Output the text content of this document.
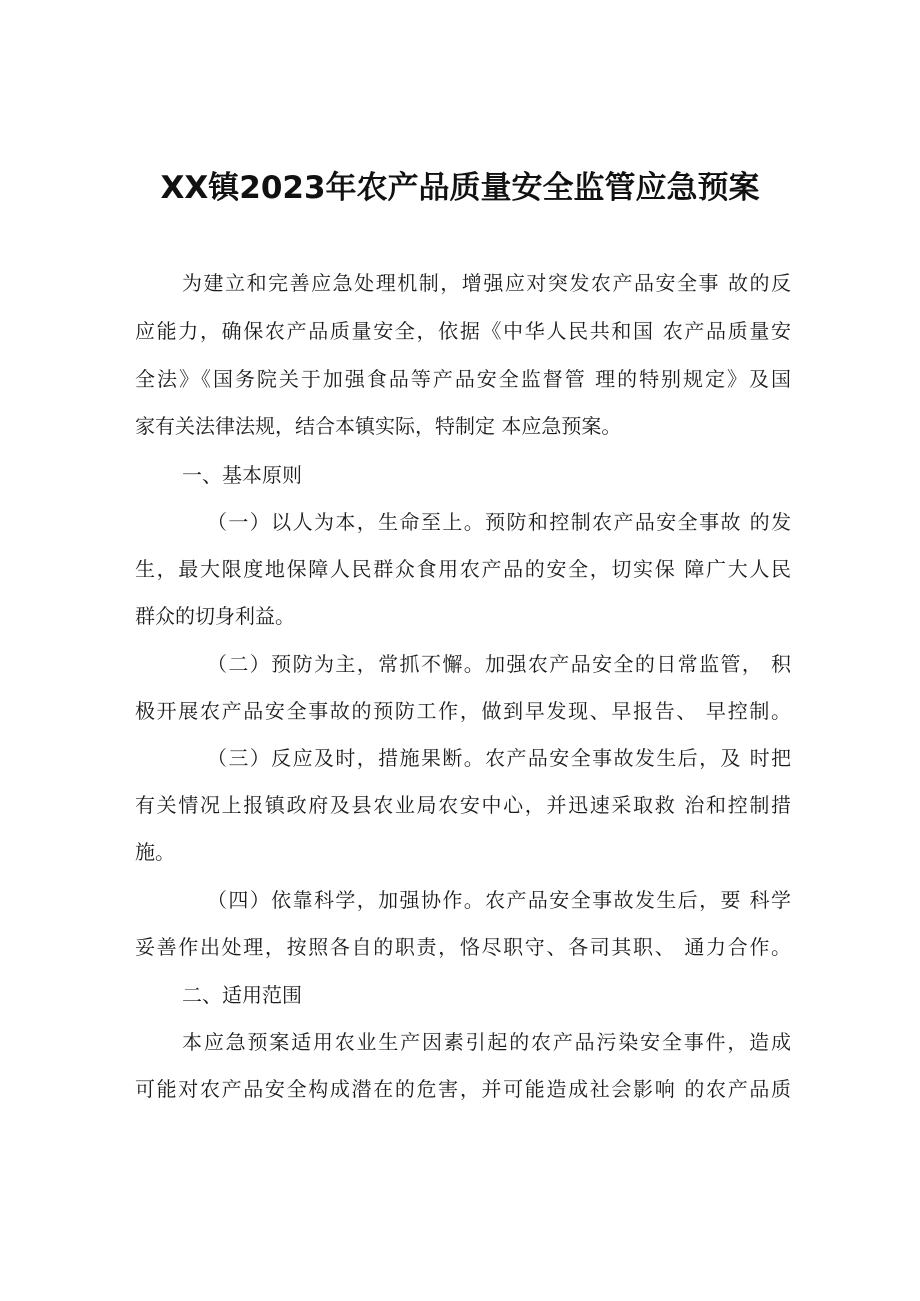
XX镇2023年农产品质量安全监管应急预案
为建立和完善应急处理机制，增强应对突发农产品安全事 故的反
应能力，确保农产品质量安全，依据《中华人民共和国 农产品质量安
全法》《国务院关于加强食品等产品安全监督管 理的特别规定》及国
家有关法律法规，结合本镇实际，特制定 本应急预案。
一、基本原则
（一）以人为本，生命至上。预防和控制农产品安全事故 的发
生，最大限度地保障人民群众食用农产品的安全，切实保 障广大人民
群众的切身利益。
（二）预防为主，常抓不懈。加强农产品安全的日常监管， 积
极开展农产品安全事故的预防工作，做到早发现、早报告、 早控制。
（三）反应及时，措施果断。农产品安全事故发生后，及 时把
有关情况上报镇政府及县农业局农安中心，并迅速采取救 治和控制措
施。
（四）依靠科学，加强协作。农产品安全事故发生后，要 科学
妥善作出处理，按照各自的职责，恪尽职守、各司其职、 通力合作。
二、适用范围
本应急预案适用农业生产因素引起的农产品污染安全事件，造成
可能对农产品安全构成潜在的危害，并可能造成社会影响 的农产品质
